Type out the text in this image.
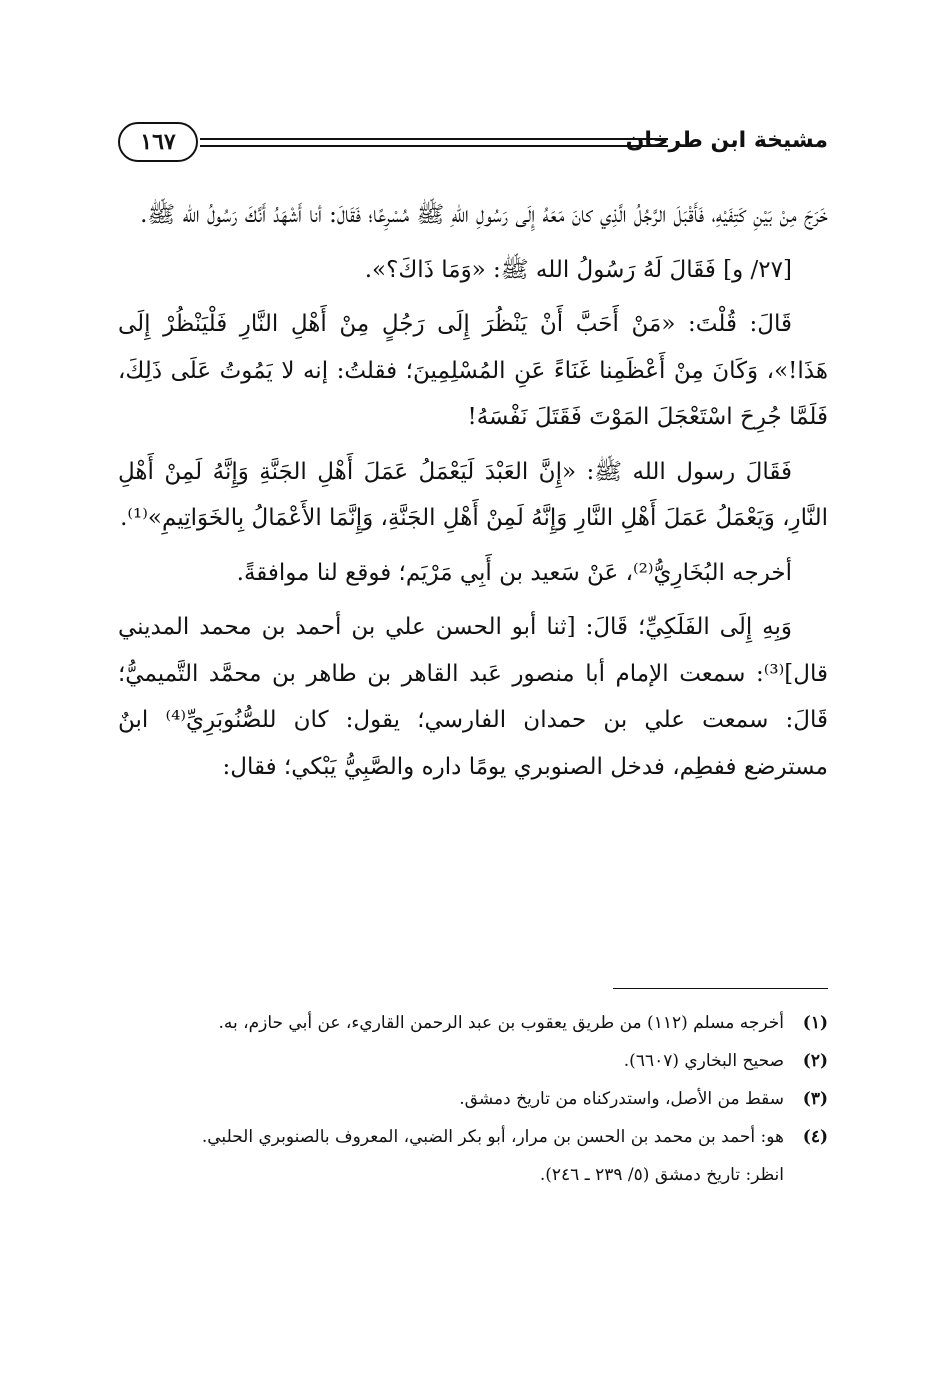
مشيخة ابن طرخان
١٦٧

خَرَجَ مِنْ بَيْنِ كَتِفَيْهِ، فَأَقْبَلَ الرَّجُلُ الَّذِي كانَ مَعَهُ إِلَى رَسُولِ اللهِ ﷺ مُسْرِعًا؛ فَقَالَ: أنا أَشْهَدُ أَنَّكَ رَسُولُ الله ﷺ.

[٢٧/ و] فَقَالَ لَهُ رَسُولُ الله ﷺ: «وَمَا ذَاكَ؟».

قَالَ: قُلْتَ: «مَنْ أَحَبَّ أَنْ يَنْظُرَ إِلَى رَجُلٍ مِنْ أَهْلِ النَّارِ فَلْيَنْظُرْ إِلَى هَذَا!»، وَكَانَ مِنْ أَعْظَمِنا غَنَاءً عَنِ المُسْلِمِينَ؛ فقلتُ: إنه لا يَمُوتُ عَلَى ذَلِكَ، فَلَمَّا جُرِحَ اسْتَعْجَلَ المَوْتَ فَقَتَلَ نَفْسَهُ!

فَقَالَ رسول الله ﷺ: «إِنَّ العَبْدَ لَيَعْمَلُ عَمَلَ أَهْلِ الجَنَّةِ وَإِنَّهُ لَمِنْ أَهْلِ النَّارِ، وَيَعْمَلُ عَمَلَ أَهْلِ النَّارِ وَإِنَّهُ لَمِنْ أَهْلِ الجَنَّةِ، وَإِنَّمَا الأَعْمَالُ بِالخَوَاتِيمِ»⁽¹⁾.

أخرجه البُخَارِيُّ⁽²⁾، عَنْ سَعيد بن أَبِي مَرْيَم؛ فوقع لنا موافقةً.

وَبِهِ إِلَى الفَلَكِيِّ؛ قَالَ: [ثنا أبو الحسن علي بن أحمد بن محمد المديني قال]⁽³⁾: سمعت الإمام أبا منصور عَبد القاهر بن طاهر بن محمَّد التَّميميُّ؛ قَالَ: سمعت علي بن حمدان الفارسي؛ يقول: كان للصُّنُوبَرِيِّ⁽⁴⁾ ابنٌ مسترضع ففطِم، فدخل الصنوبري يومًا داره والصَّبِيُّ يَبْكي؛ فقال:

(١)
أخرجه مسلم (١١٢) من طريق يعقوب بن عبد الرحمن القاريء، عن أبي حازم، به.
(٢)
صحيح البخاري (٦٦٠٧).
(٣)
سقط من الأصل، واستدركناه من تاريخ دمشق.
(٤)
هو: أحمد بن محمد بن الحسن بن مرار، أبو بكر الضبي، المعروف بالصنوبري الحلبي.
انظر: تاريخ دمشق (٥/ ٢٣٩ ـ ٢٤٦).
